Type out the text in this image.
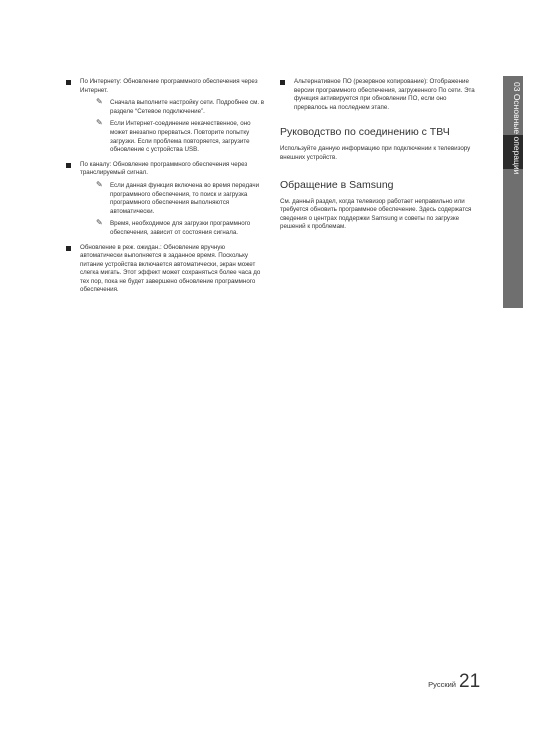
По Интернету: Обновление программного обеспечения через Интернет.
✎ Сначала выполните настройку сети. Подробнее см. в разделе “Сетевое подключение”.
✎ Если Интернет-соединение некачественное, оно может внезапно прерваться. Повторите попытку загрузки. Если проблема повторяется, загрузите обновление с устройства USB.
По каналу: Обновление программного обеспечения через транслируемый сигнал.
✎ Если данная функция включена во время передачи программного обеспечения, то поиск и загрузка программного обеспечения выполняются автоматически.
✎ Время, необходимое для загрузки программного обеспечения, зависит от состояния сигнала.
Обновление в реж. ожидан.: Обновление вручную автоматически выполняется в заданное время. Поскольку питание устройства включается автоматически, экран может слегка мигать. Этот эффект может сохраняться более часа до тех пор, пока не будет завершено обновление программного обеспечения.
Альтернативное ПО (резервное копирование): Отображение версии программного обеспечения, загруженного По сети. Эта функция активируется при обновлении ПО, если оно прервалось на последнем этапе.
Руководство по соединению с ТВЧ
Используйте данную информацию при подключении к телевизору внешних устройств.
Обращение в Samsung
См. данный раздел, когда телевизор работает неправильно или требуется обновить программное обеспечение. Здесь содержатся сведения о центрах поддержки Samsung и советы по загрузке решений к проблемам.
03 Основные операции
Русский 21
